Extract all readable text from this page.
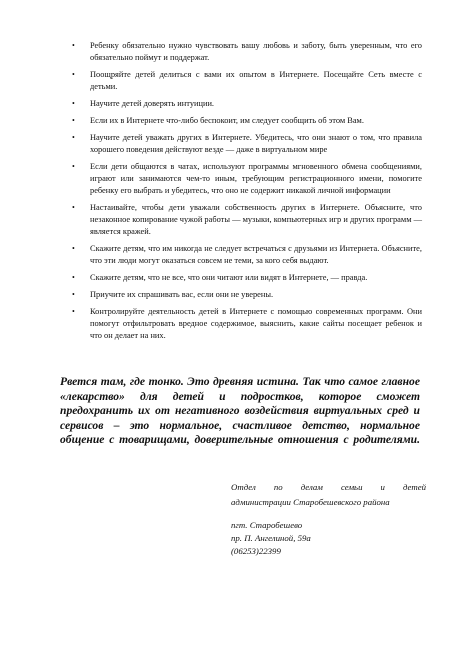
• Ребенку обязательно нужно чувствовать вашу любовь и заботу, быть уверенным, что его обязательно поймут и поддержат.
• Поощряйте детей делиться с вами их опытом в Интернете. Посещайте Сеть вместе с детьми.
• Научите детей доверять интуиции.
• Если их в Интернете что-либо беспокоит, им следует сообщить об этом Вам.
• Научите детей уважать других в Интернете. Убедитесь, что они знают о том, что правила хорошего поведения действуют везде — даже в виртуальном мире
• Если дети общаются в чатах, используют программы мгновенного обмена сообщениями, играют или занимаются чем-то иным, требующим регистрационного имени, помогите ребенку его выбрать и убедитесь, что оно не содержит никакой личной информации
• Настаивайте, чтобы дети уважали собственность других в Интернете. Объясните, что незаконное копирование чужой работы — музыки, компьютерных игр и других программ — является кражей.
• Скажите детям, что им никогда не следует встречаться с друзьями из Интернета. Объясните, что эти люди могут оказаться совсем не теми, за кого себя выдают.
• Скажите детям, что не все, что они читают или видят в Интернете, — правда.
• Приучите их спрашивать вас, если они не уверены.
• Контролируйте деятельность детей в Интернете с помощью современных программ. Они помогут отфильтровать вредное содержимое, выяснить, какие сайты посещает ребенок и что он делает на них.

Рвется там, где тонко. Это древняя истина. Так что самое главное «лекарство» для детей и подростков, которое сможет предохранить их от негативного воздействия виртуальных сред и сервисов – это нормальное, счастливое детство, нормальное общение с товарищами, доверительные отношения с родителями.

Отдел по делам семьи и детей

администрации Старобешевского района

пгт. Старобешево
пр. П. Ангелиной, 59а
(06253)22399
